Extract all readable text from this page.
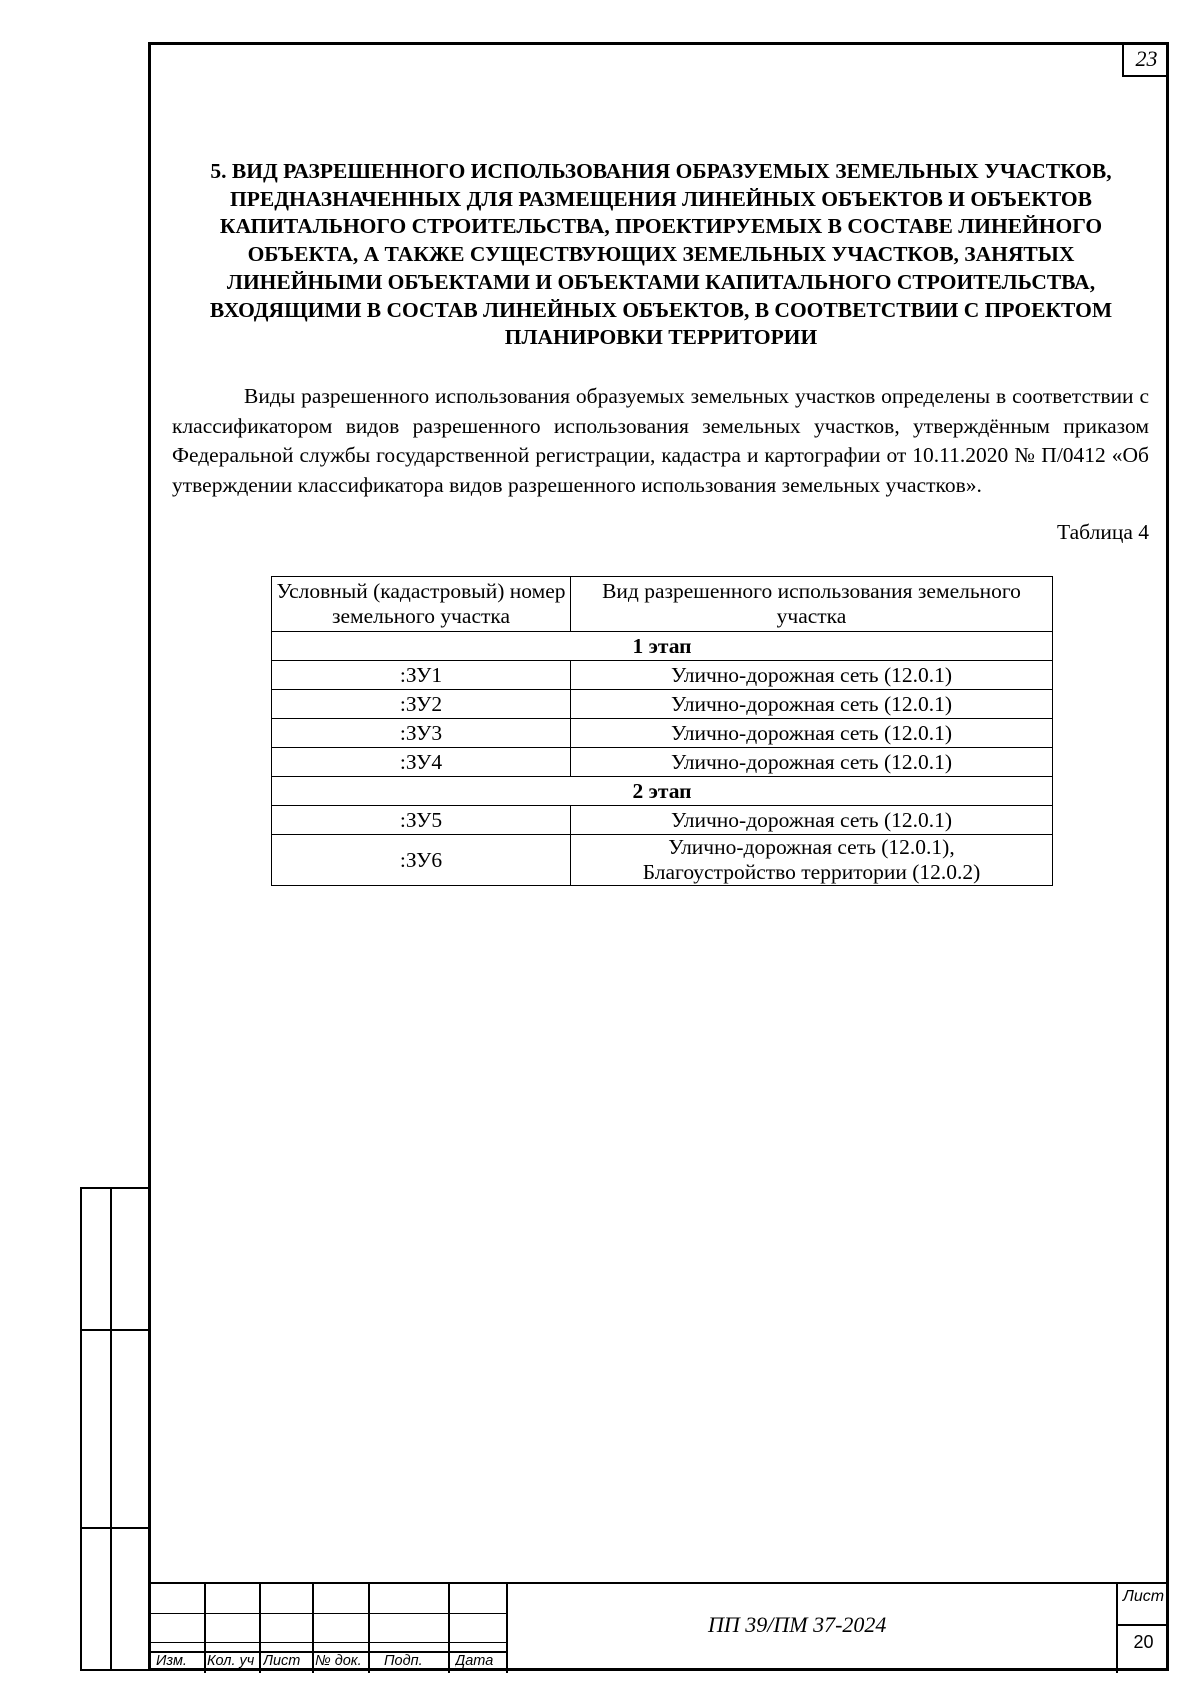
23
5. ВИД РАЗРЕШЕННОГО ИСПОЛЬЗОВАНИЯ ОБРАЗУЕМЫХ ЗЕМЕЛЬНЫХ УЧАСТКОВ, ПРЕДНАЗНАЧЕННЫХ ДЛЯ РАЗМЕЩЕНИЯ ЛИНЕЙНЫХ ОБЪЕКТОВ И ОБЪЕКТОВ КАПИТАЛЬНОГО СТРОИТЕЛЬСТВА, ПРОЕКТИРУЕМЫХ В СОСТАВЕ ЛИНЕЙНОГО ОБЪЕКТА, А ТАКЖЕ СУЩЕСТВУЮЩИХ ЗЕМЕЛЬНЫХ УЧАСТКОВ, ЗАНЯТЫХ ЛИНЕЙНЫМИ ОБЪЕКТАМИ И ОБЪЕКТАМИ КАПИТАЛЬНОГО СТРОИТЕЛЬСТВА, ВХОДЯЩИМИ В СОСТАВ ЛИНЕЙНЫХ ОБЪЕКТОВ, В СООТВЕТСТВИИ С ПРОЕКТОМ ПЛАНИРОВКИ ТЕРРИТОРИИ
Виды разрешенного использования образуемых земельных участков определены в соответствии с классификатором видов разрешенного использования земельных участков, утверждённым приказом Федеральной службы государственной регистрации, кадастра и картографии от 10.11.2020 № П/0412 «Об утверждении классификатора видов разрешенного использования земельных участков».
Таблица 4
Условный (кадастровый) номер земельного участка	Вид разрешенного использования земельного участка
1 этап	
:ЗУ1	Улично-дорожная сеть (12.0.1)
:ЗУ2	Улично-дорожная сеть (12.0.1)
:ЗУ3	Улично-дорожная сеть (12.0.1)
:ЗУ4	Улично-дорожная сеть (12.0.1)
2 этап	
:ЗУ5	Улично-дорожная сеть (12.0.1)
:ЗУ6	Улично-дорожная сеть (12.0.1),
Благоустройство территории (12.0.2)
Изм.	Кол. уч Лист	№ док.	Подп.	Дата
ПП 39/ПМ 37-2024
Лист
20
